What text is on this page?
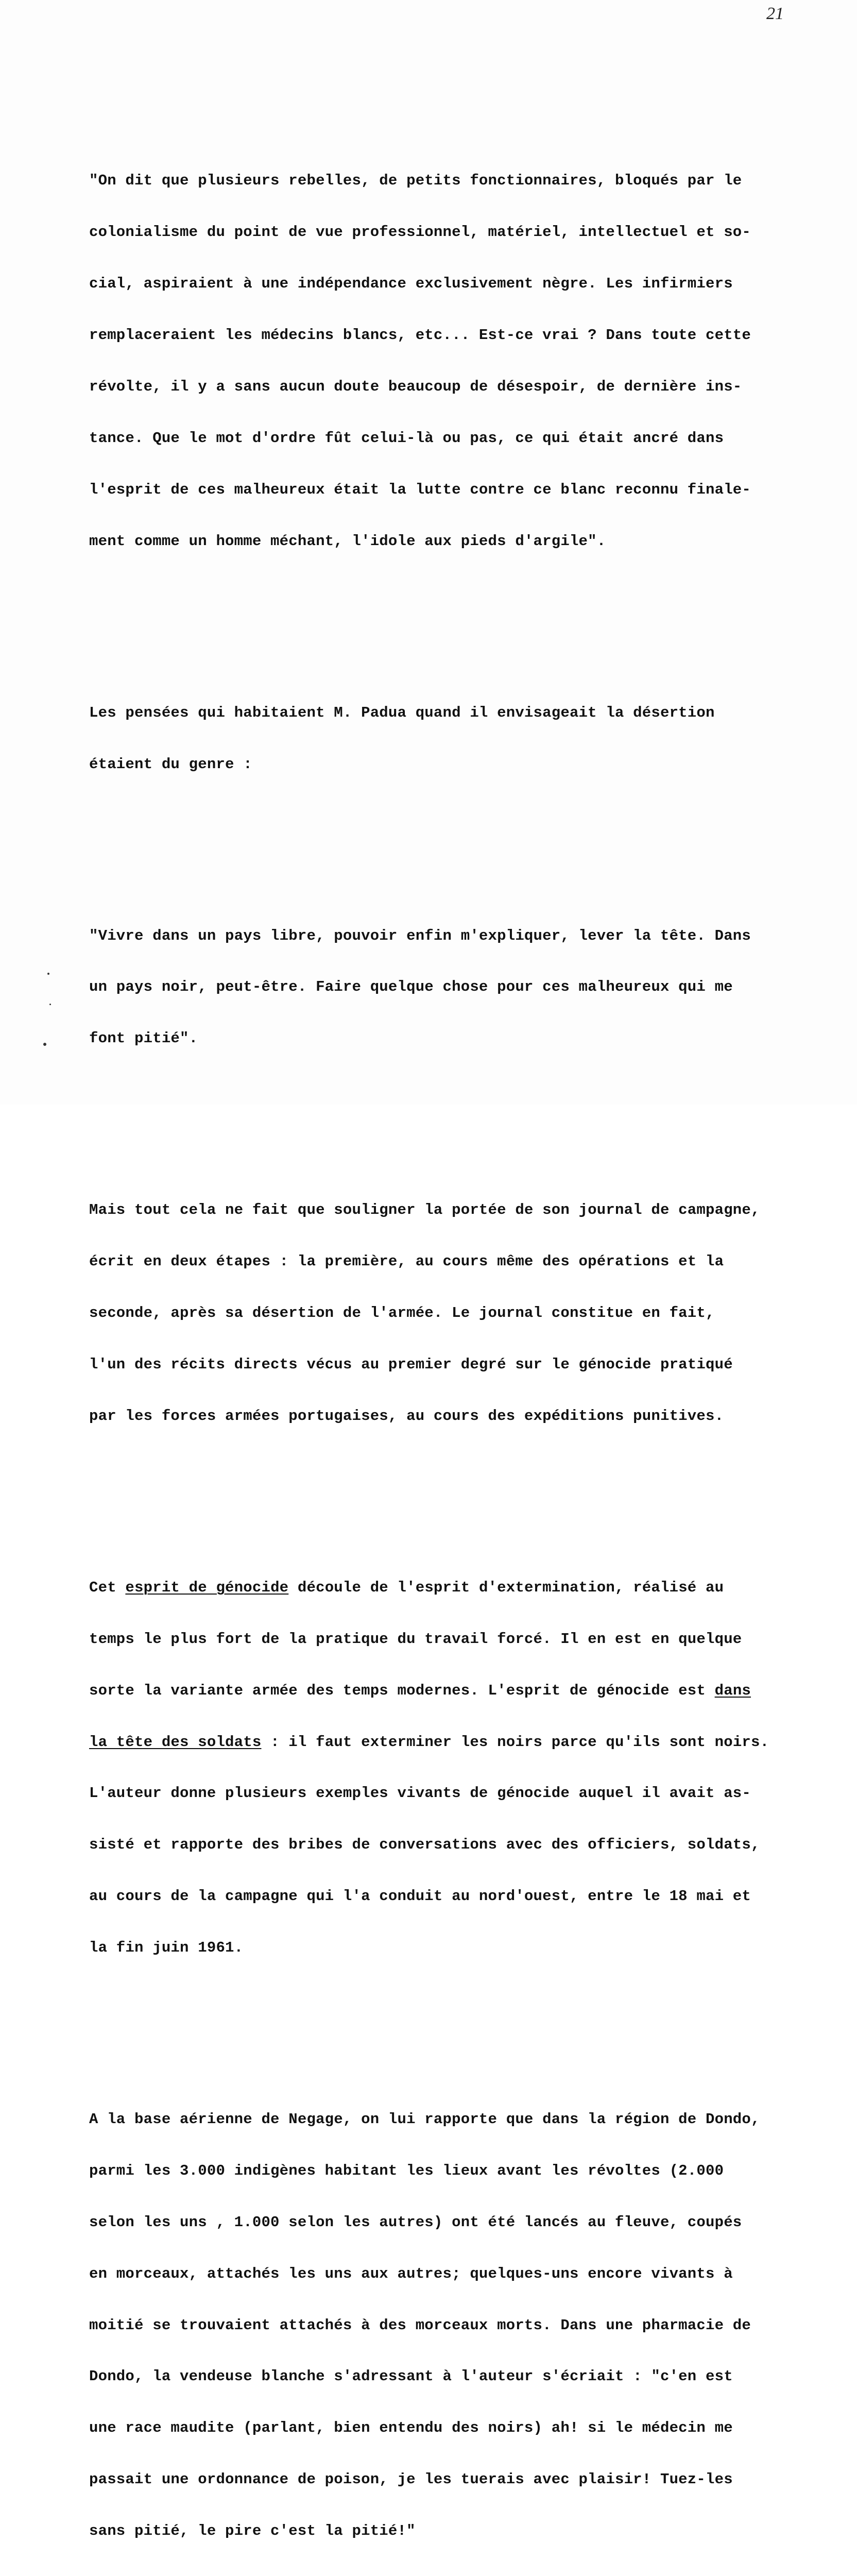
21

"On dit que plusieurs rebelles, de petits fonctionnaires, bloqués par le

colonialisme du point de vue professionnel, matériel, intellectuel et so-

cial, aspiraient à une indépendance exclusivement nègre. Les infirmiers

remplaceraient les médecins blancs, etc... Est-ce vrai ? Dans toute cette

révolte, il y a sans aucun doute beaucoup de désespoir, de dernière ins-

tance. Que le mot d'ordre fût celui-là ou pas, ce qui était ancré dans

l'esprit de ces malheureux était la lutte contre ce blanc reconnu finale-

ment comme un homme méchant, l'idole aux pieds d'argile".

Les pensées qui habitaient M. Padua quand il envisageait la désertion

étaient du genre :

"Vivre dans un pays libre, pouvoir enfin m'expliquer, lever la tête. Dans

un pays noir, peut-être. Faire quelque chose pour ces malheureux qui me

font pitié".

Mais tout cela ne fait que souligner la portée de son journal de campagne,

écrit en deux étapes : la première, au cours même des opérations et la

seconde, après sa désertion de l'armée. Le journal constitue en fait,

l'un des récits directs vécus au premier degré sur le génocide pratiqué

par les forces armées portugaises, au cours des expéditions punitives.

Cet esprit de génocide découle de l'esprit d'extermination, réalisé au

temps le plus fort de la pratique du travail forcé. Il en est en quelque

sorte la variante armée des temps modernes. L'esprit de génocide est dans

la tête des soldats : il faut exterminer les noirs parce qu'ils sont noirs.

L'auteur donne plusieurs exemples vivants de génocide auquel il avait as-

sisté et rapporte des bribes de conversations avec des officiers, soldats,

au cours de la campagne qui l'a conduit au nord'ouest, entre le 18 mai et

la fin juin 1961.

A la base aérienne de Negage, on lui rapporte que dans la région de Dondo,

parmi les 3.000 indigènes habitant les lieux avant les révoltes (2.000

selon les uns , 1.000 selon les autres) ont été lancés au fleuve, coupés

en morceaux, attachés les uns aux autres; quelques-uns encore vivants à

moitié se trouvaient attachés à des morceaux morts. Dans une pharmacie de

Dondo, la vendeuse blanche s'adressant à l'auteur s'écriait : "c'en est

une race maudite (parlant, bien entendu des noirs) ah! si le médecin me

passait une ordonnance de poison, je les tuerais avec plaisir! Tuez-les

sans pitié, le pire c'est la pitié!"
